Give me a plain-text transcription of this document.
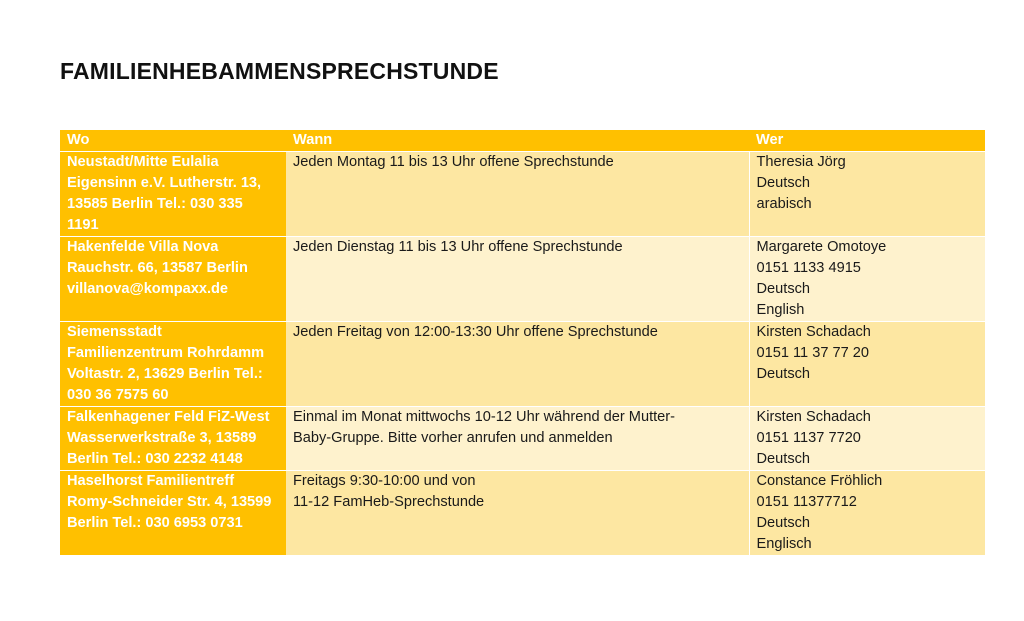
FAMILIENHEBAMMENSPRECHSTUNDE
Wo	Wann	Wer

Neustadt/Mitte Eulalia
Eigensinn e.V. Lutherstr. 13,
13585 Berlin Tel.: 030 335
1191	Jeden Montag 11 bis 13 Uhr offene Sprechstunde	Theresia Jörg
Deutsch
arabisch

Hakenfelde Villa Nova
Rauchstr. 66, 13587 Berlin
villanova@kompaxx.de	Jeden Dienstag 11 bis 13 Uhr offene Sprechstunde	Margarete Omotoye
0151 1133 4915
Deutsch
English

Siemensstadt
Familienzentrum Rohrdamm
Voltastr. 2, 13629 Berlin Tel.:
030 36 7575 60	Jeden Freitag von 12:00-13:30 Uhr offene Sprechstunde	Kirsten Schadach
0151 11 37 77 20
Deutsch

Falkenhagener Feld FiZ-West
Wasserwerkstraße 3, 13589
Berlin Tel.: 030 2232 4148	Einmal im Monat mittwochs 10-12 Uhr während der Mutter-
Baby-Gruppe. Bitte vorher anrufen und anmelden	Kirsten Schadach
0151 1137 7720
Deutsch

Haselhorst Familientreff
Romy-Schneider Str. 4, 13599
Berlin Tel.: 030 6953 0731	Freitags 9:30-10:00 und von
11-12 FamHeb-Sprechstunde	Constance Fröhlich
0151 11377712
Deutsch
Englisch
